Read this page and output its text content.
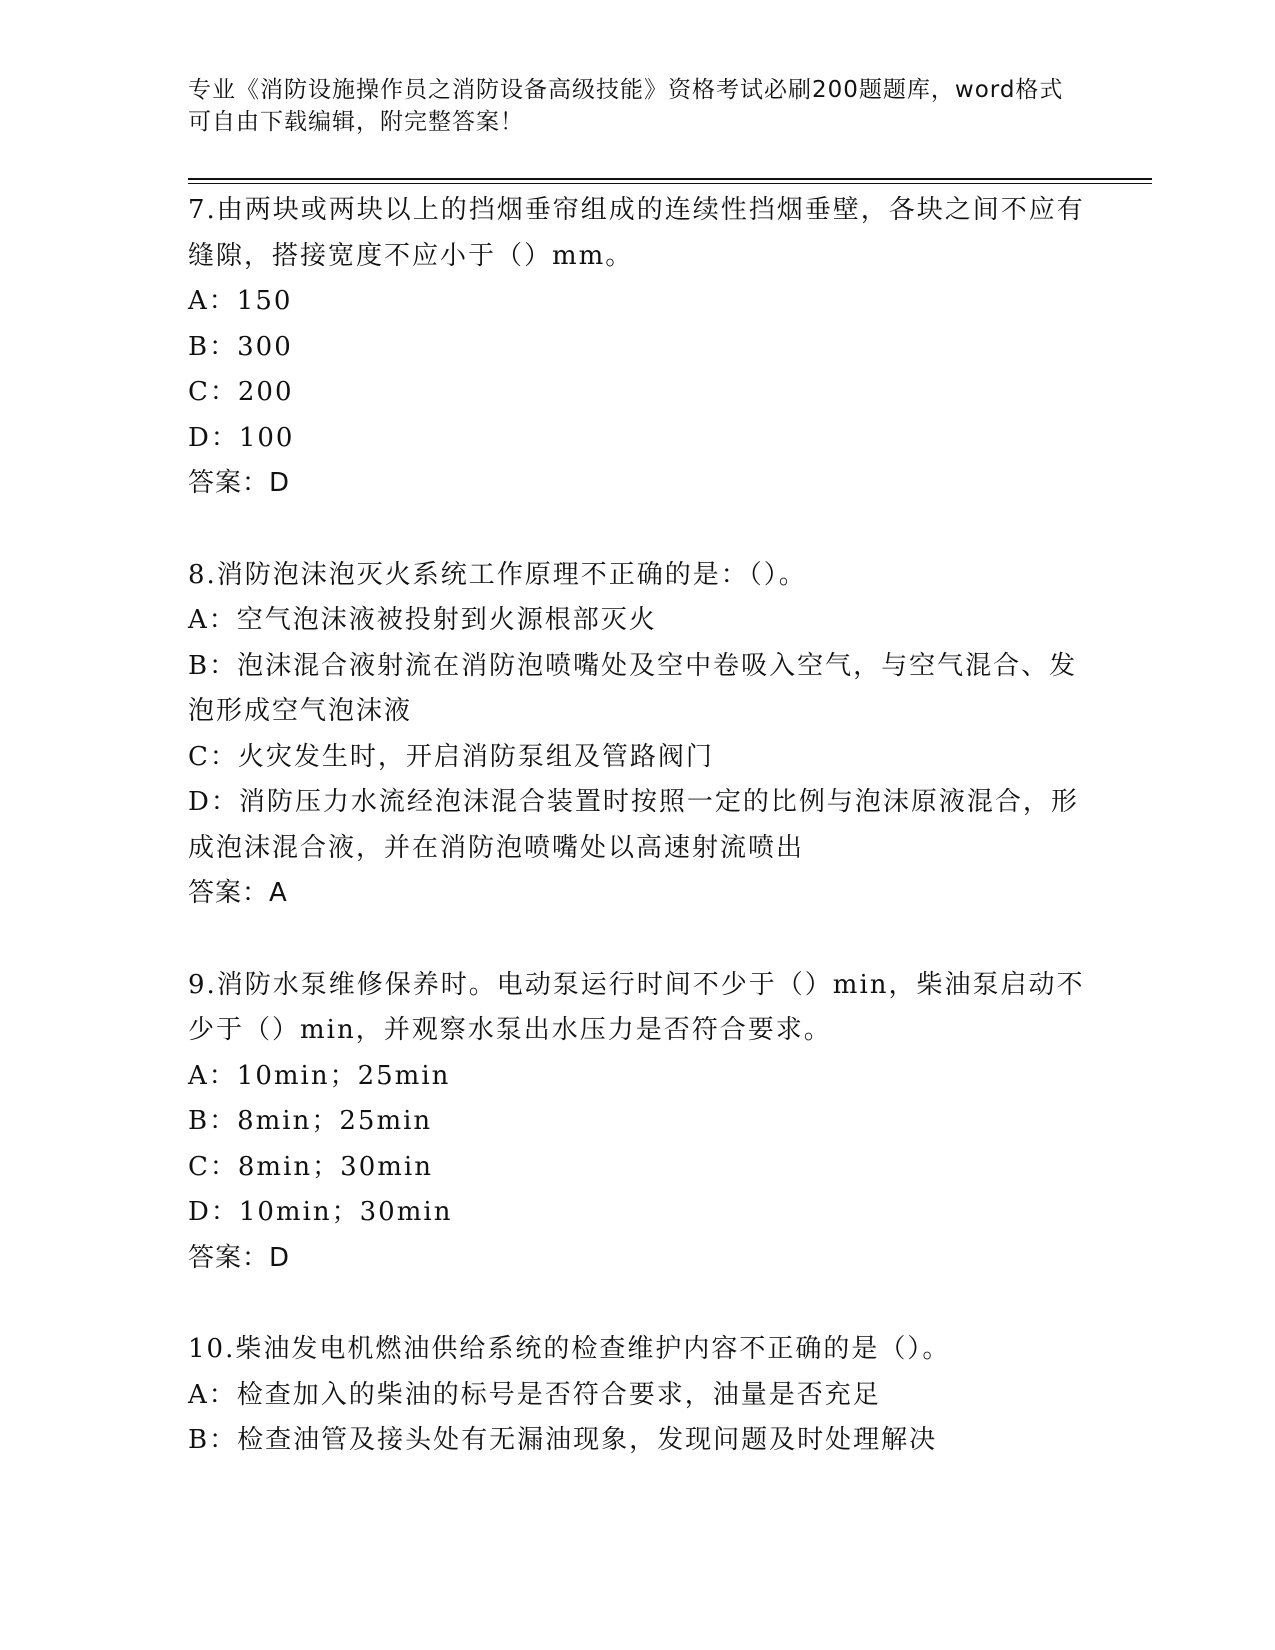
专业《消防设施操作员之消防设备高级技能》资格考试必刷200题题库，word格式可自由下载编辑，附完整答案！
7.由两块或两块以上的挡烟垂帘组成的连续性挡烟垂壁，各块之间不应有缝隙，搭接宽度不应小于（）mm。
A：150
B：300
C：200
D：100
答案：D
8.消防泡沫泡灭火系统工作原理不正确的是：（）。
A：空气泡沫液被投射到火源根部灭火
B：泡沫混合液射流在消防泡喷嘴处及空中卷吸入空气，与空气混合、发泡形成空气泡沫液
C：火灾发生时，开启消防泵组及管路阀门
D：消防压力水流经泡沫混合装置时按照一定的比例与泡沫原液混合，形成泡沫混合液，并在消防泡喷嘴处以高速射流喷出
答案：A
9.消防水泵维修保养时。电动泵运行时间不少于（）min，柴油泵启动不少于（）min，并观察水泵出水压力是否符合要求。
A：10min；25min
B：8min；25min
C：8min；30min
D：10min；30min
答案：D
10.柴油发电机燃油供给系统的检查维护内容不正确的是（）。
A：检查加入的柴油的标号是否符合要求，油量是否充足
B：检查油管及接头处有无漏油现象，发现问题及时处理解决
